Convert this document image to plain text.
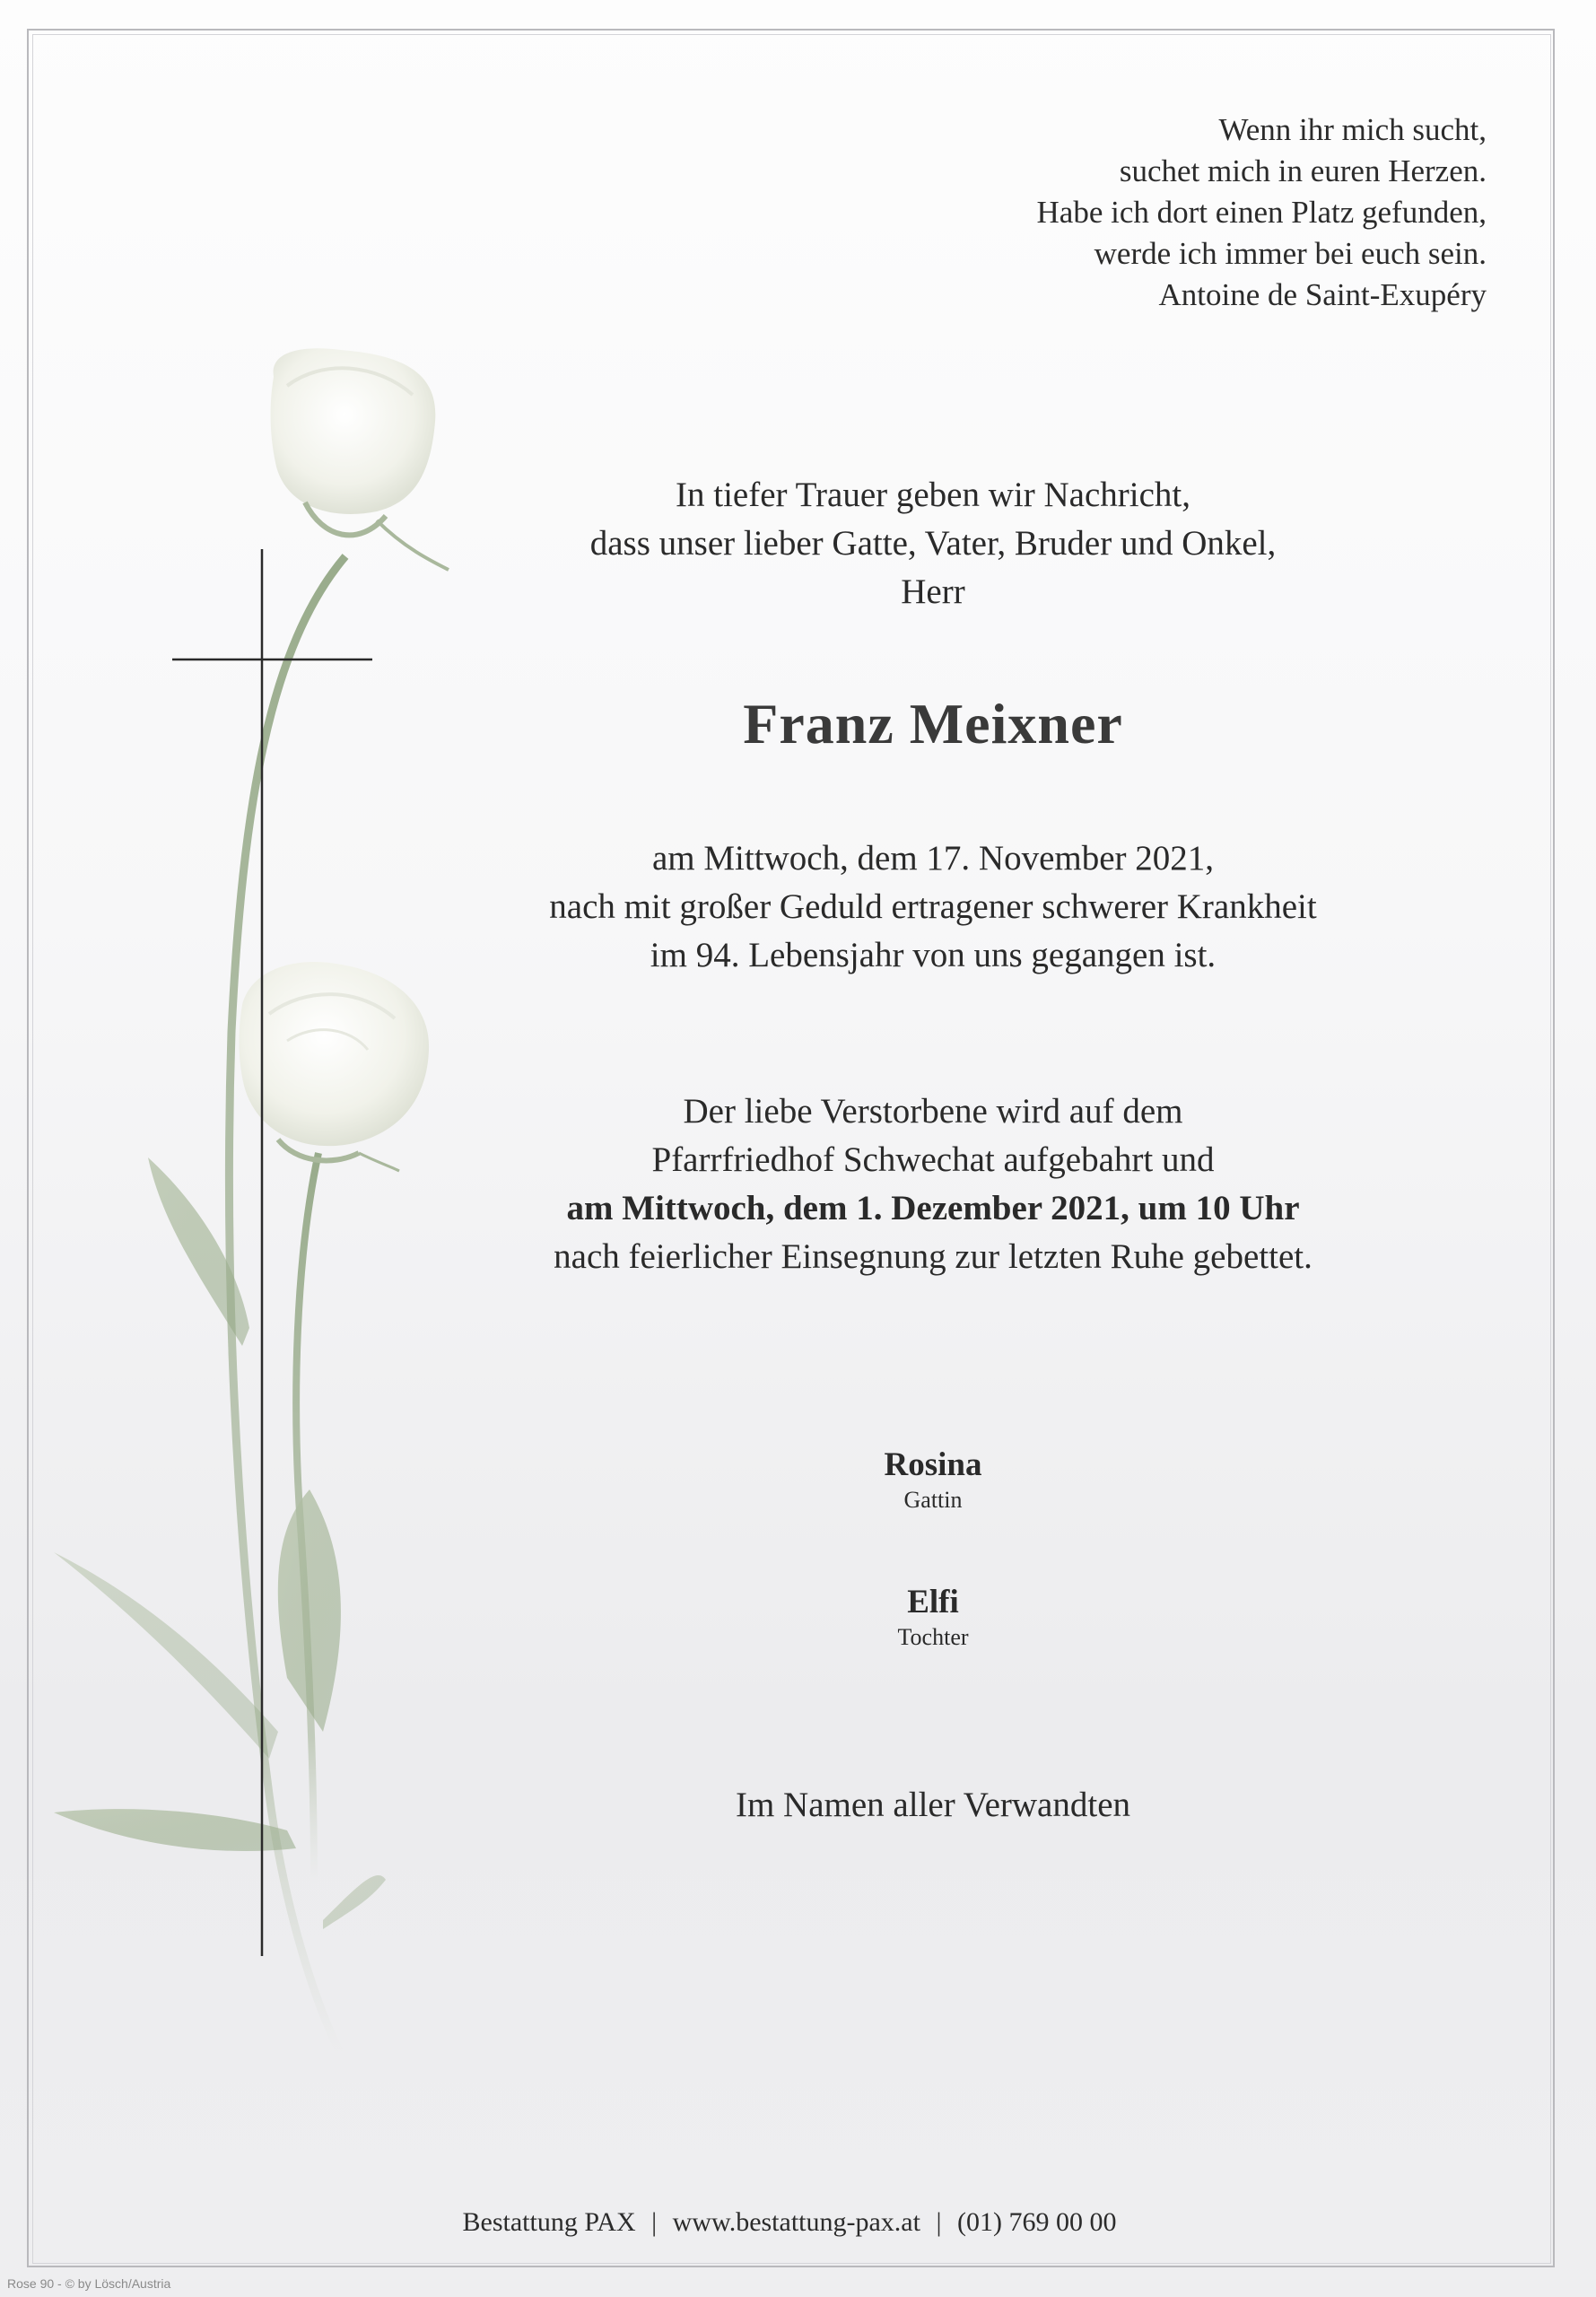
Wenn ihr mich sucht,
suchet mich in euren Herzen.
Habe ich dort einen Platz gefunden,
werde ich immer bei euch sein.
Antoine de Saint-Exupéry
In tiefer Trauer geben wir Nachricht,
dass unser lieber Gatte, Vater, Bruder und Onkel,
Herr
Franz Meixner
am Mittwoch, dem 17. November 2021,
nach mit großer Geduld ertragener schwerer Krankheit
im 94. Lebensjahr von uns gegangen ist.
Der liebe Verstorbene wird auf dem
Pfarrfriedhof Schwechat aufgebahrt und
am Mittwoch, dem 1. Dezember 2021, um 10 Uhr
nach feierlicher Einsegnung zur letzten Ruhe gebettet.
Rosina
Gattin
Elfi
Tochter
Im Namen aller Verwandten
Bestattung PAX | www.bestattung-pax.at | (01) 769 00 00
Rose 90 - © by Lösch/Austria
